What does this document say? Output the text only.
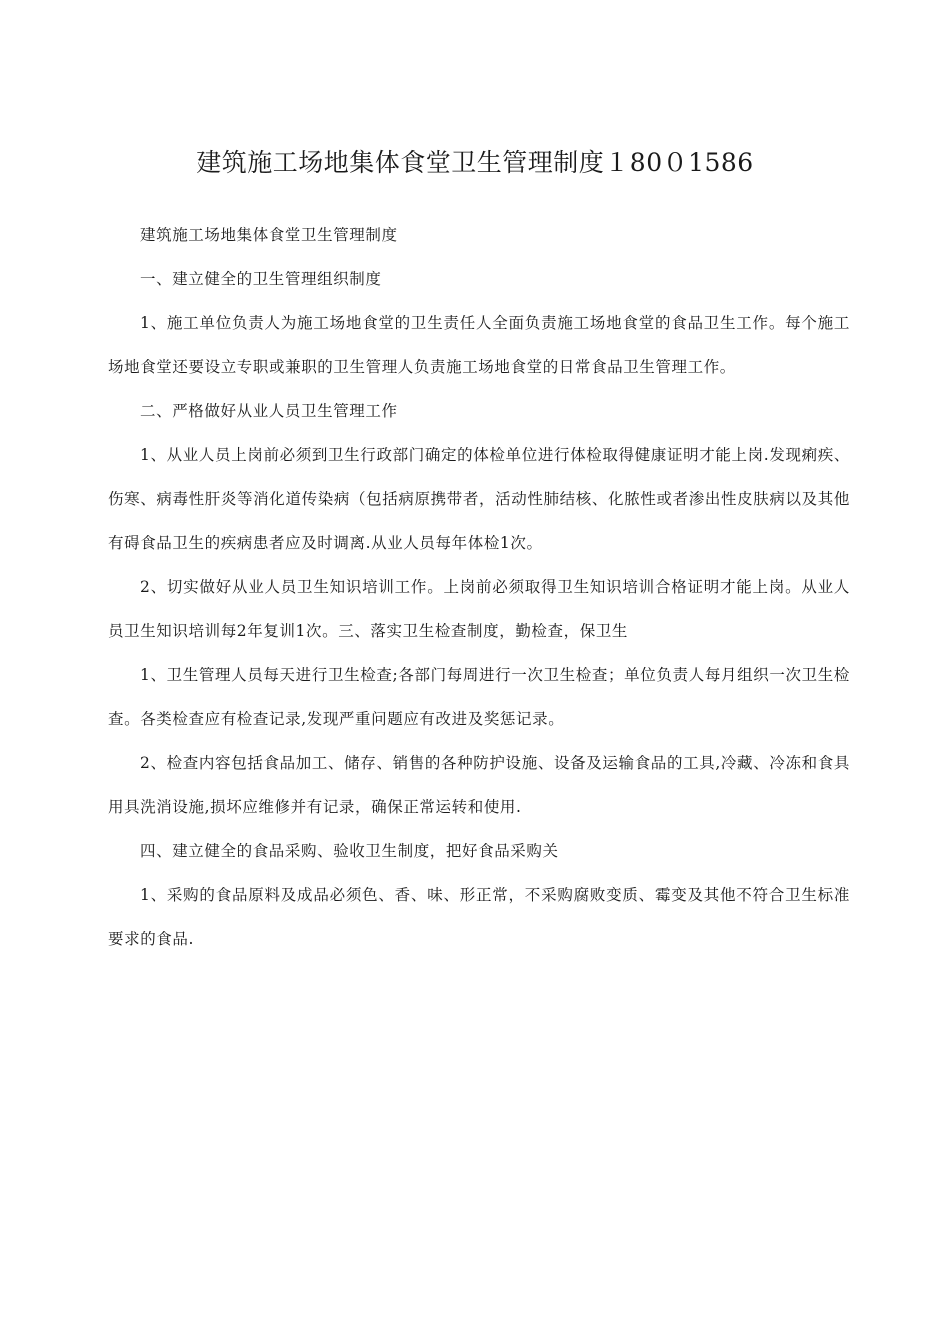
建筑施工场地集体食堂卫生管理制度１80０1586

建筑施工场地集体食堂卫生管理制度

一、建立健全的卫生管理组织制度

1、施工单位负责人为施工场地食堂的卫生责任人全面负责施工场地食堂的食品卫生工作。每个施工场地食堂还要设立专职或兼职的卫生管理人负责施工场地食堂的日常食品卫生管理工作。

二、严格做好从业人员卫生管理工作

1、从业人员上岗前必须到卫生行政部门确定的体检单位进行体检取得健康证明才能上岗.发现痢疾、伤寒、病毒性肝炎等消化道传染病（包括病原携带者，活动性肺结核、化脓性或者渗出性皮肤病以及其他有碍食品卫生的疾病患者应及时调离.从业人员每年体检1次。

2、切实做好从业人员卫生知识培训工作。上岗前必须取得卫生知识培训合格证明才能上岗。从业人员卫生知识培训每2年复训1次。三、落实卫生检查制度，勤检查，保卫生

1、卫生管理人员每天进行卫生检查;各部门每周进行一次卫生检查；单位负责人每月组织一次卫生检查。各类检查应有检查记录,发现严重问题应有改进及奖惩记录。

2、检查内容包括食品加工、储存、销售的各种防护设施、设备及运输食品的工具,冷藏、冷冻和食具用具洗消设施,损坏应维修并有记录，确保正常运转和使用.

四、建立健全的食品采购、验收卫生制度，把好食品采购关

1、采购的食品原料及成品必须色、香、味、形正常，不采购腐败变质、霉变及其他不符合卫生标准要求的食品.
